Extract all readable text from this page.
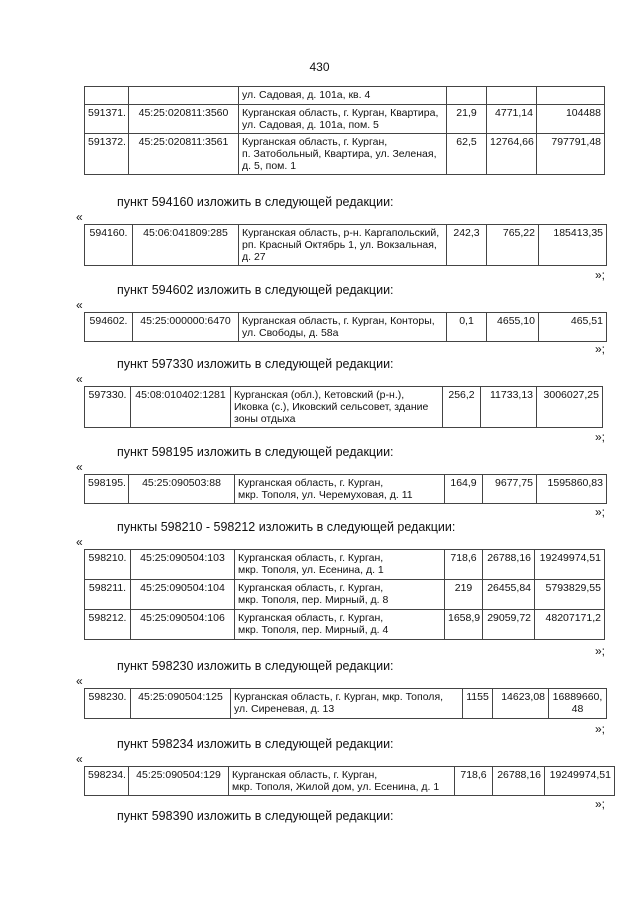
430
		ул. Садовая, д. 101а, кв. 4			
591371.	45:25:020811:3560	Курганская область, г. Курган, Квартира,
ул. Садовая, д. 101а, пом. 5	21,9	4771,14	104488
591372.	45:25:020811:3561	Курганская область, г. Курган,
п. Затобольный, Квартира, ул. Зеленая,
д. 5, пом. 1	62,5	12764,66	797791,48
пункт 594160 изложить в следующей редакции:
«
594160.	45:06:041809:285	Курганская область, р-н. Каргапольский,
рп. Красный Октябрь 1, ул. Вокзальная,
д. 27	242,3	765,22	185413,35
»;
пункт 594602 изложить в следующей редакции:
«
594602.	45:25:000000:6470	Курганская область, г. Курган, Конторы,
ул. Свободы, д. 58а	0,1	4655,10	465,51
»;
пункт 597330 изложить в следующей редакции:
«
597330.	45:08:010402:1281	Курганская (обл.), Кетовский (р-н.),
Иковка (с.), Иковский сельсовет, здание
зоны отдыха	256,2	11733,13	3006027,25
»;
пункт 598195 изложить в следующей редакции:
«
598195.	45:25:090503:88	Курганская область, г. Курган,
мкр. Тополя, ул. Черемуховая, д. 11	164,9	9677,75	1595860,83
»;
пункты 598210 - 598212 изложить в следующей редакции:
«
598210.	45:25:090504:103	Курганская область, г. Курган,
мкр. Тополя, ул. Есенина, д. 1	718,6	26788,16	19249974,51
598211.	45:25:090504:104	Курганская область, г. Курган,
мкр. Тополя, пер. Мирный, д. 8	219	26455,84	5793829,55
598212.	45:25:090504:106	Курганская область, г. Курган,
мкр. Тополя, пер. Мирный, д. 4	1658,9	29059,72	48207171,2
»;
пункт 598230 изложить в следующей редакции:
«
598230.	45:25:090504:125	Курганская область, г. Курган, мкр. Тополя,
ул. Сиреневая, д. 13	1155	14623,08	16889660,
48
»;
пункт 598234 изложить в следующей редакции:
«
598234.	45:25:090504:129	Курганская область, г. Курган,
мкр. Тополя, Жилой дом, ул. Есенина, д. 1	718,6	26788,16	19249974,51
»;
пункт 598390 изложить в следующей редакции:
